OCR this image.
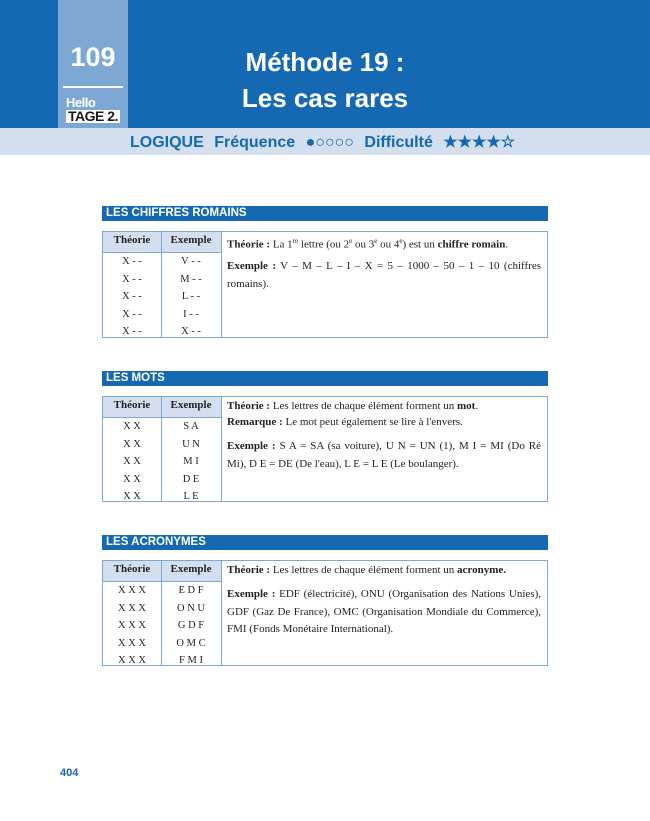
Méthode 19 :
Les cas rares
109
Hello
TAGE 2.
LOGIQUE Fréquence ●○○○○ Difficulté ★★★★☆
LES CHIFFRES ROMAINS
Théorie	Exemple
X - -	V - -
X - -	M - -
X - -	L - -
X - -	I - -
X - -	X - -
Théorie : La 1re lettre (ou 2e ou 3e ou 4e) est un chiffre romain.
Exemple : V – M – L – I – X = 5 – 1000 – 50 – 1 – 10 (chiffres romains).
LES MOTS
Théorie	Exemple
X X	S A
X X	U N
X X	M I
X X	D E
X X	L E
Théorie : Les lettres de chaque élément forment un mot.
Remarque : Le mot peut également se lire à l'envers.
Exemple : S A = SA (sa voiture), U N = UN (1), M I = MI (Do Ré Mi), D E = DE (De l'eau), L E = L E (Le boulanger).
LES ACRONYMES
Théorie	Exemple
X X X	E D F
X X X	O N U
X X X	G D F
X X X	O M C
X X X	F M I
Théorie : Les lettres de chaque élément forment un acronyme.
Exemple : EDF (électricité), ONU (Organisation des Nations Unies), GDF (Gaz De France), OMC (Organisation Mondiale du Commerce), FMI (Fonds Monétaire International).
404
